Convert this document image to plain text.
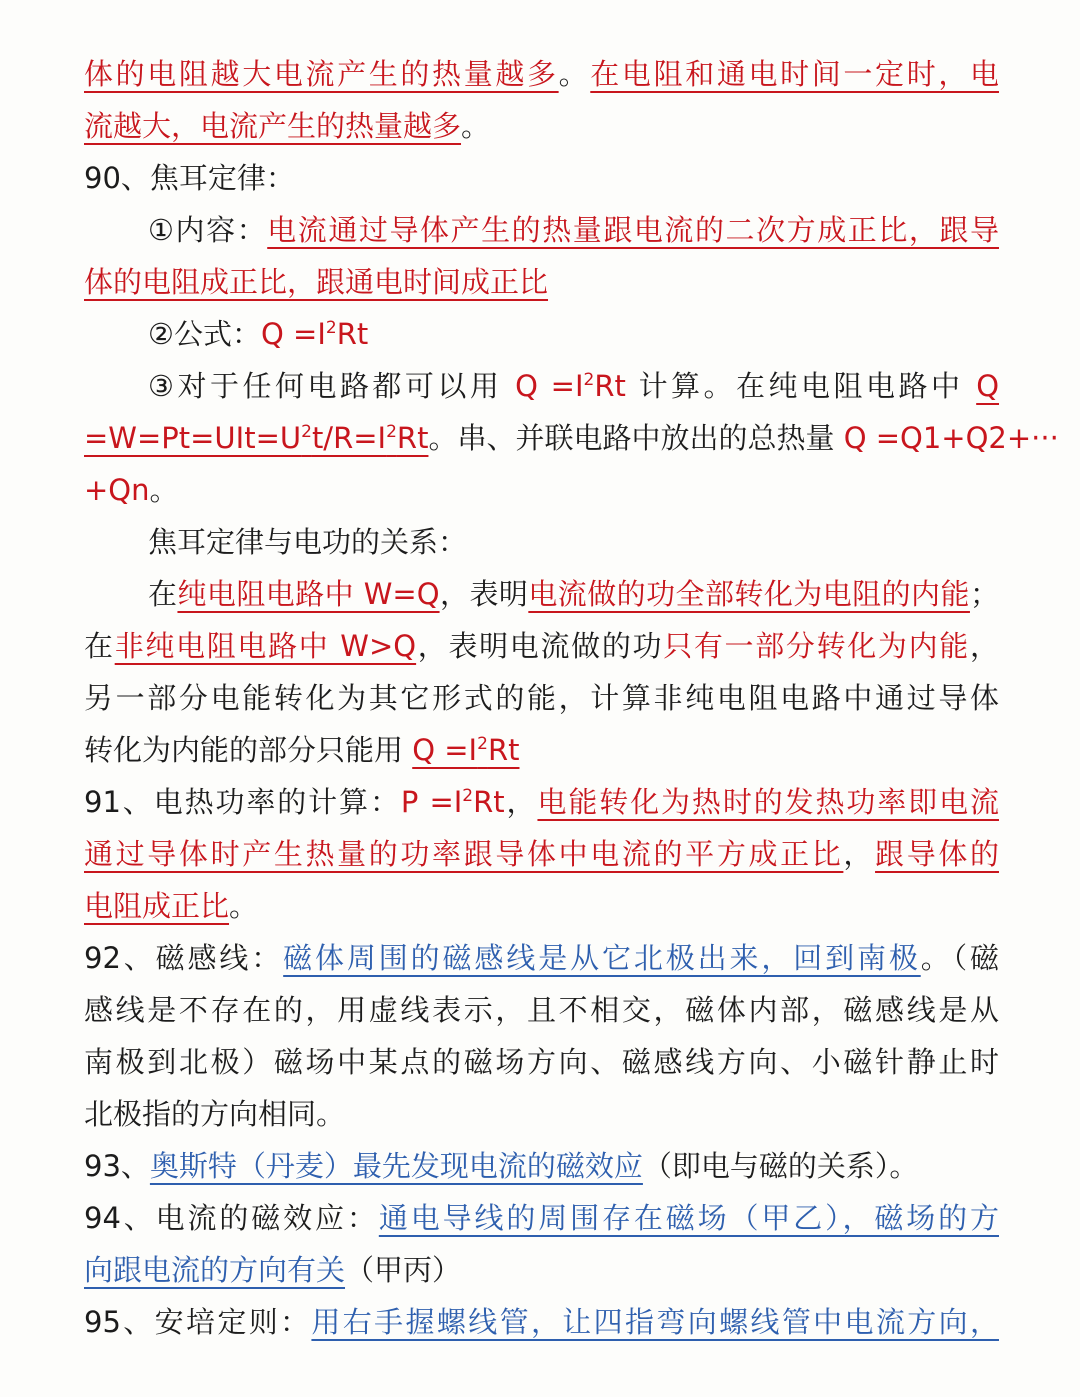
体的电阻越大电流产生的热量越多。在电阻和通电时间一定时，电
流越大，电流产生的热量越多。
90、焦耳定律：
①内容：电流通过导体产生的热量跟电流的二次方成正比，跟导
体的电阻成正比，跟通电时间成正比
②公式：$Q =I^2Rt$
③对于任何电路都可以用 $Q =I^2Rt$ 计算。在纯电阻电路中 Q
$=W=Pt=UIt=U^2t/R=I^2Rt$。串、并联电路中放出的总热量 Q =Q1+Q2+···
+Qn。
焦耳定律与电功的关系：
在纯电阻电路中 W=Q，表明电流做的功全部转化为电阻的内能；
在非纯电阻电路中 W>Q，表明电流做的功只有一部分转化为内能，
另一部分电能转化为其它形式的能，计算非纯电阻电路中通过导体
转化为内能的部分只能用 $Q =I^2Rt$
91、电热功率的计算：$P =I^2Rt$，电能转化为热时的发热功率即电流
通过导体时产生热量的功率跟导体中电流的平方成正比，跟导体的
电阻成正比。
92、磁感线：磁体周围的磁感线是从它北极出来，回到南极。（磁
感线是不存在的，用虚线表示，且不相交，磁体内部，磁感线是从
南极到北极）磁场中某点的磁场方向、磁感线方向、小磁针静止时
北极指的方向相同。
93、奥斯特（丹麦）最先发现电流的磁效应（即电与磁的关系）。
94、电流的磁效应：通电导线的周围存在磁场（甲乙），磁场的方
向跟电流的方向有关（甲丙）
95、安培定则：用右手握螺线管，让四指弯向螺线管中电流方向，
